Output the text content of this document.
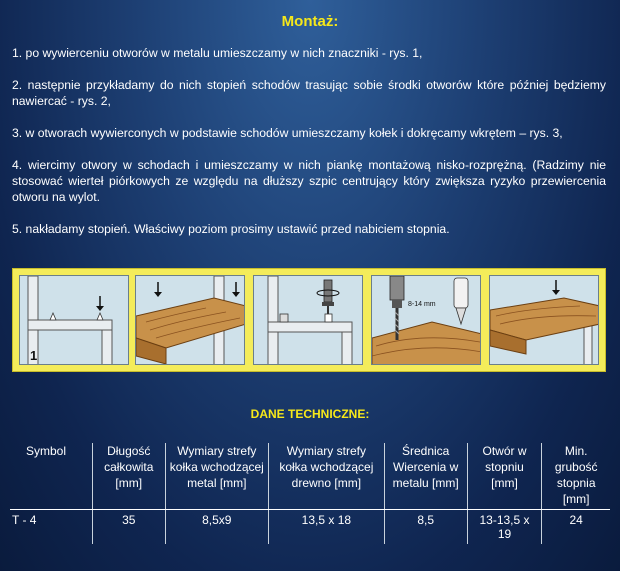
Montaż:

1. po wywierceniu otworów w metalu umieszczamy w nich znaczniki - rys. 1,

2. następnie przykładamy do nich stopień schodów trasując sobie środki otworów które później będziemy nawiercać - rys. 2,

3. w otworach wywierconych w podstawie schodów umieszczamy kołek i dokręcamy wkrętem – rys. 3,

4. wiercimy otwory w schodach i umieszczamy w nich piankę montażową nisko-rozprężną. (Radzimy nie stosować wierteł piórkowych ze względu na dłuższy szpic centrujący który zwiększa ryzyko przewiercenia otworu na wylot.

5. nakładamy stopień. Właściwy poziom prosimy ustawić przed nabiciem stopnia.

1
8-14 mm
DANE TECHNICZNE:
Symbol	Długość całkowita [mm]	Wymiary strefy kołka wchodzącej metal [mm]	Wymiary strefy kołka wchodzącej drewno [mm]	Średnica Wiercenia w metalu [mm]	Otwór w stopniu [mm]	Min. grubość stopnia [mm]
T - 4	35	8,5x9	13,5 x 18	8,5	13-13,5 x 19	24
